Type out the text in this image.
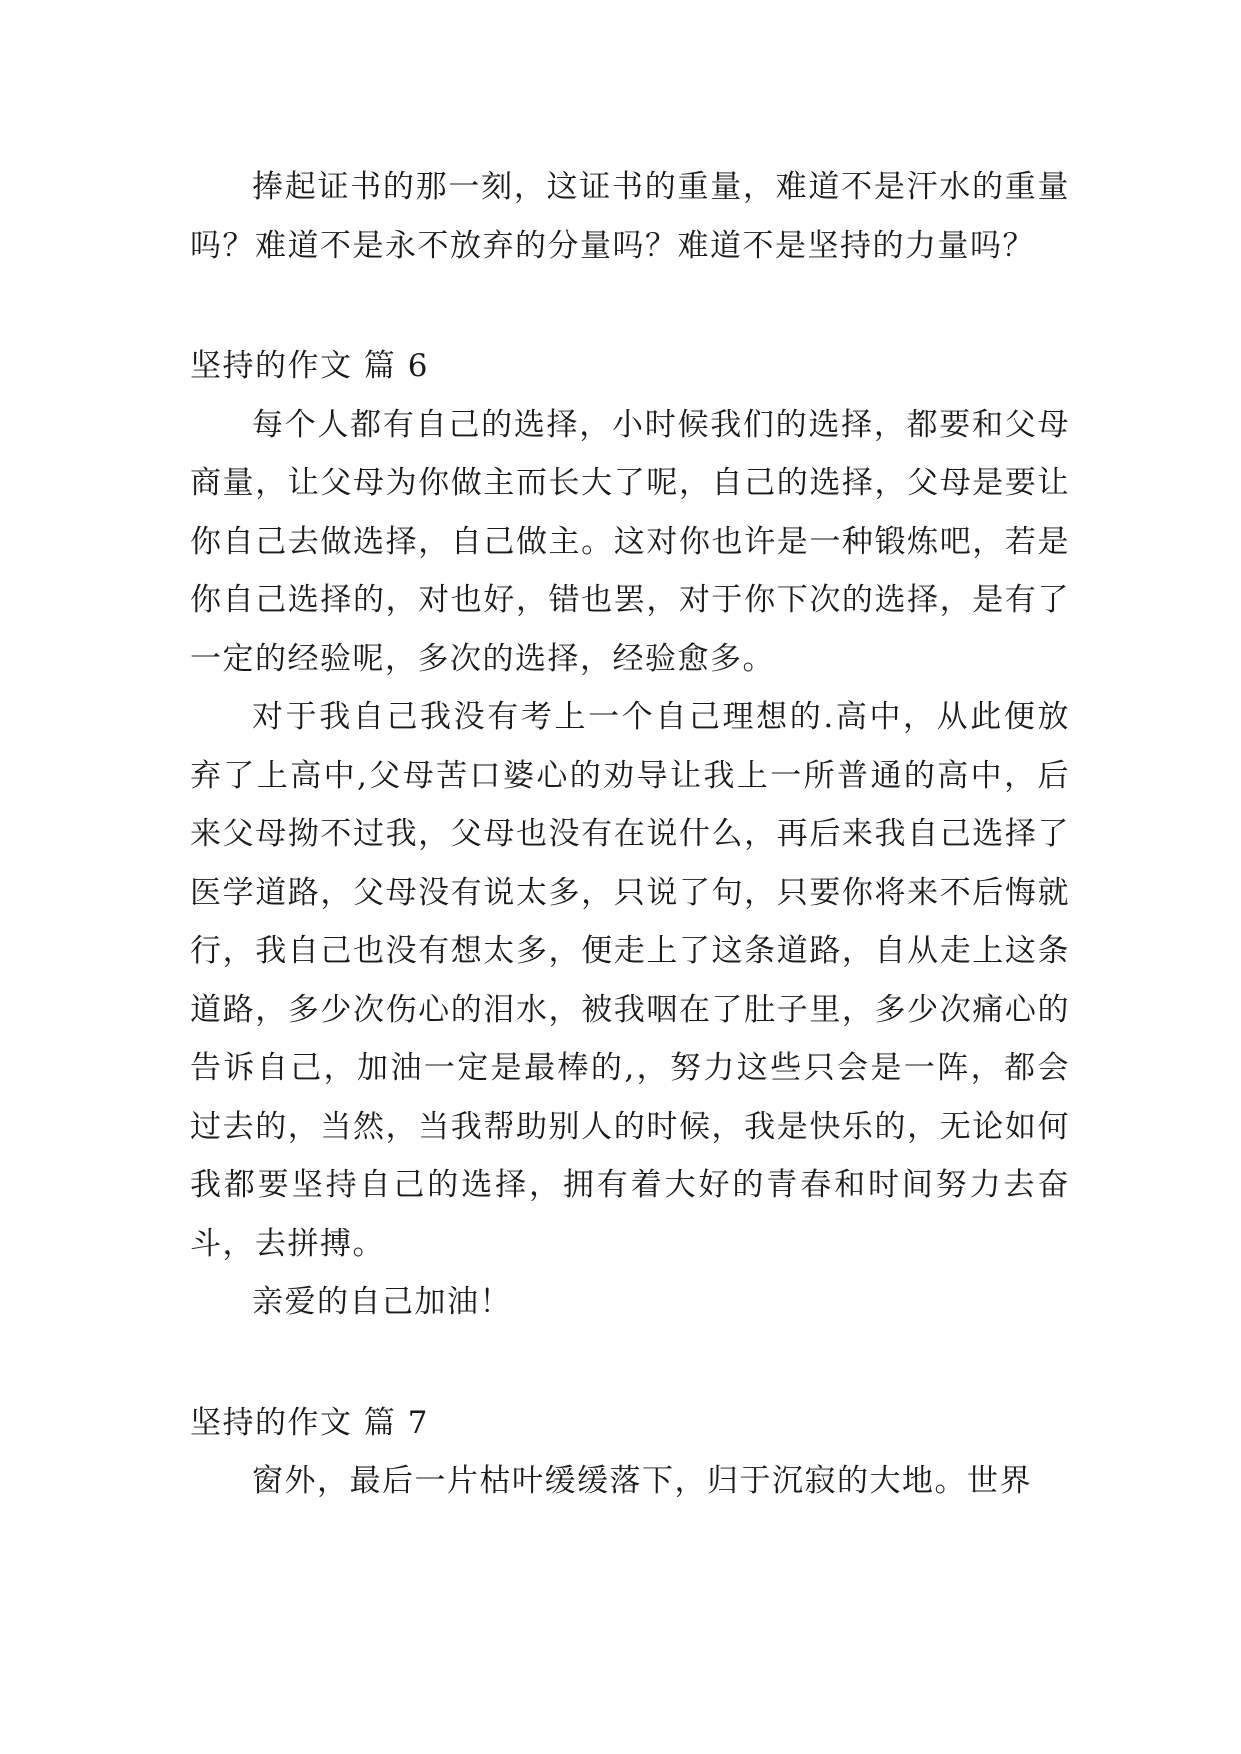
捧起证书的那一刻，这证书的重量，难道不是汗水的重量吗？难道不是永不放弃的分量吗？难道不是坚持的力量吗？

坚持的作文 篇 6

每个人都有自己的选择，小时候我们的选择，都要和父母商量，让父母为你做主而长大了呢，自己的选择，父母是要让你自己去做选择，自己做主。这对你也许是一种锻炼吧，若是你自己选择的，对也好，错也罢，对于你下次的选择，是有了一定的经验呢，多次的选择，经验愈多。

对于我自己我没有考上一个自己理想的.高中，从此便放弃了上高中,父母苦口婆心的劝导让我上一所普通的高中，后来父母拗不过我，父母也没有在说什么，再后来我自己选择了医学道路，父母没有说太多，只说了句，只要你将来不后悔就行，我自己也没有想太多，便走上了这条道路，自从走上这条道路，多少次伤心的泪水，被我咽在了肚子里，多少次痛心的告诉自己，加油一定是最棒的,，努力这些只会是一阵，都会过去的，当然，当我帮助别人的时候，我是快乐的，无论如何我都要坚持自己的选择，拥有着大好的青春和时间努力去奋斗，去拼搏。

亲爱的自己加油！

坚持的作文 篇 7

窗外，最后一片枯叶缓缓落下，归于沉寂的大地。世界
